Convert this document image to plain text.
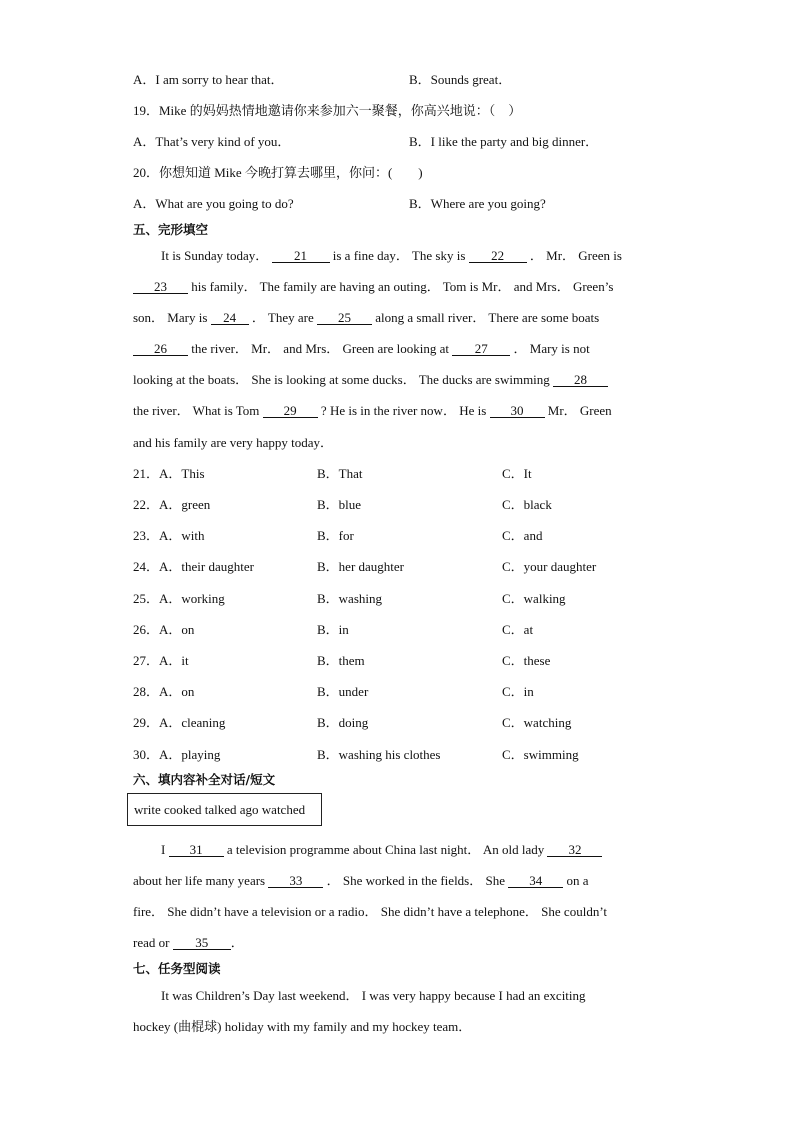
A．I am sorry to hear that．	B．Sounds great．
19．Mike 的妈妈热情地邀请你来参加六一聚餐，你高兴地说：（　）
A．That’s very kind of you．	B．I like the party and big dinner．
20．你想知道 Mike 今晚打算去哪里，你问：(　　)
A．What are you going to do?	B．Where are you going?
五、完形填空
It is Sunday today． 21 is a fine day． The sky is 22 ． Mr． Green is
23 his family． The family are having an outing． Tom is Mr． and Mrs． Green’s
son． Mary is 24 ． They are 25 along a small river． There are some boats
26 the river． Mr． and Mrs． Green are looking at 27 ． Mary is not
looking at the boats． She is looking at some ducks． The ducks are swimming 28
the river． What is Tom 29 ? He is in the river now． He is 30 Mr． Green
and his family are very happy today．
21．A．This	B．That	C．It
22．A．green	B．blue	C．black
23．A．with	B．for	C．and
24．A．their daughter	B．her daughter	C．your daughter
25．A．working	B．washing	C．walking
26．A．on	B．in	C．at
27．A．it	B．them	C．these
28．A．on	B．under	C．in
29．A．cleaning	B．doing	C．watching
30．A．playing	B．washing his clothes	C．swimming
六、填内容补全对话/短文
write cooked talked ago watched
I 31 a television programme about China last night． An old lady 32
about her life many years 33 ． She worked in the fields． She 34 on a
fire． She didn’t have a television or a radio． She didn’t have a telephone． She couldn’t
read or 35 ．
七、任务型阅读
It was Children’s Day last weekend． I was very happy because I had an exciting
hockey (曲棍球) holiday with my family and my hockey team．
